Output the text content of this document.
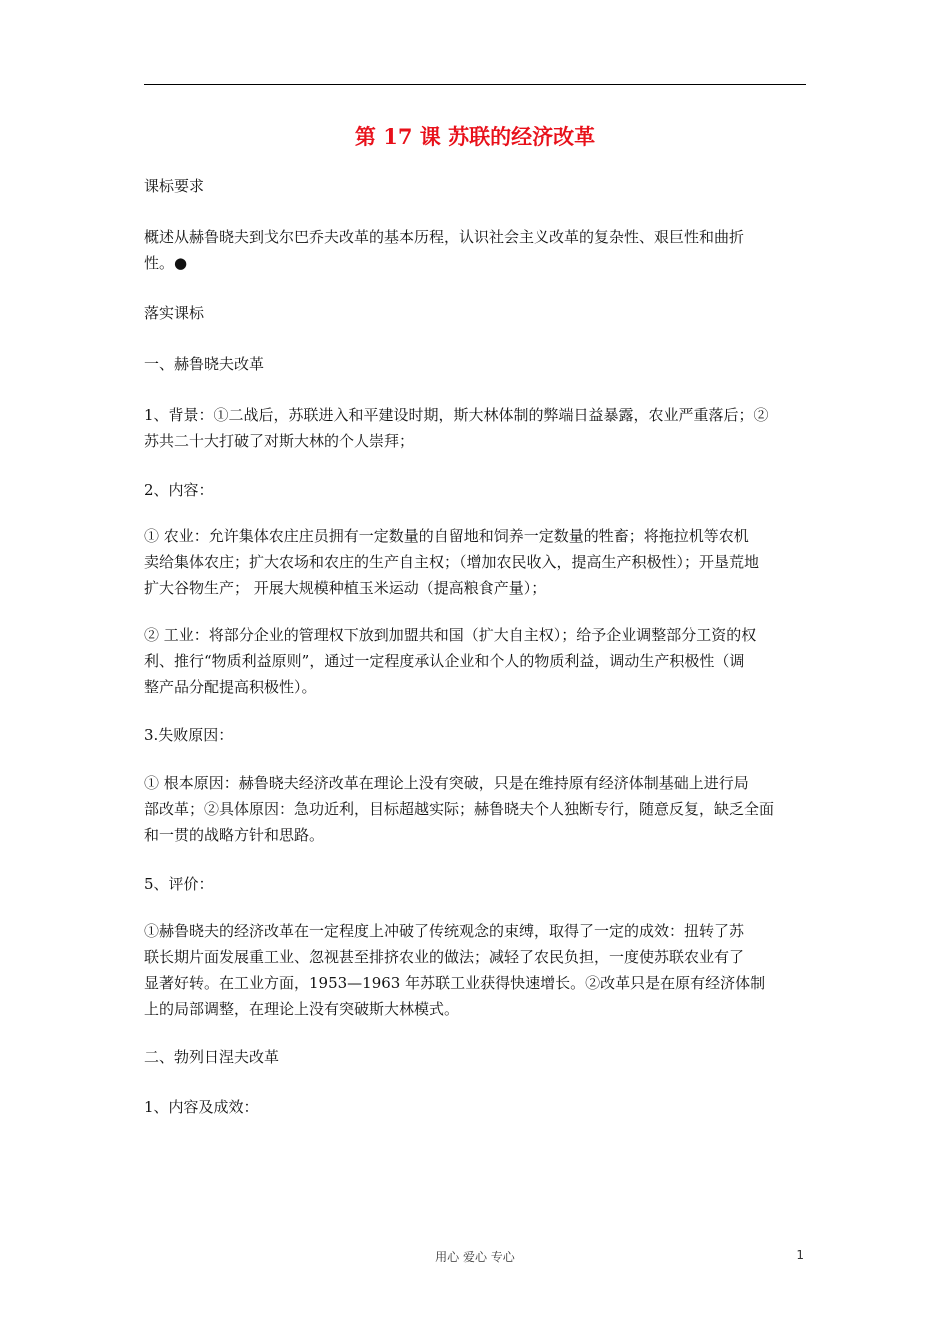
第 17 课 苏联的经济改革
课标要求
概述从赫鲁晓夫到戈尔巴乔夫改革的基本历程，认识社会主义改革的复杂性、艰巨性和曲折
性。●
落实课标
一、赫鲁晓夫改革
1、背景：①二战后，苏联进入和平建设时期，斯大林体制的弊端日益暴露，农业严重落后；②
苏共二十大打破了对斯大林的个人崇拜；
2、内容：
① 农业：允许集体农庄庄员拥有一定数量的自留地和饲养一定数量的牲畜；将拖拉机等农机
卖给集体农庄；扩大农场和农庄的生产自主权；（增加农民收入，提高生产积极性）；开垦荒地
扩大谷物生产； 开展大规模种植玉米运动（提高粮食产量）；
② 工业：将部分企业的管理权下放到加盟共和国（扩大自主权）；给予企业调整部分工资的权
利、推行“物质利益原则”，通过一定程度承认企业和个人的物质利益，调动生产积极性（调
整产品分配提高积极性）。
3.失败原因：
① 根本原因：赫鲁晓夫经济改革在理论上没有突破，只是在维持原有经济体制基础上进行局
部改革；②具体原因：急功近利，目标超越实际；赫鲁晓夫个人独断专行，随意反复，缺乏全面
和一贯的战略方针和思路。
5、评价：
①赫鲁晓夫的经济改革在一定程度上冲破了传统观念的束缚，取得了一定的成效：扭转了苏
联长期片面发展重工业、忽视甚至排挤农业的做法；减轻了农民负担，一度使苏联农业有了
显著好转。在工业方面，1953—1963 年苏联工业获得快速增长。②改革只是在原有经济体制
上的局部调整，在理论上没有突破斯大林模式。
二、勃列日涅夫改革
1、内容及成效：
用心 爱心 专心	1
